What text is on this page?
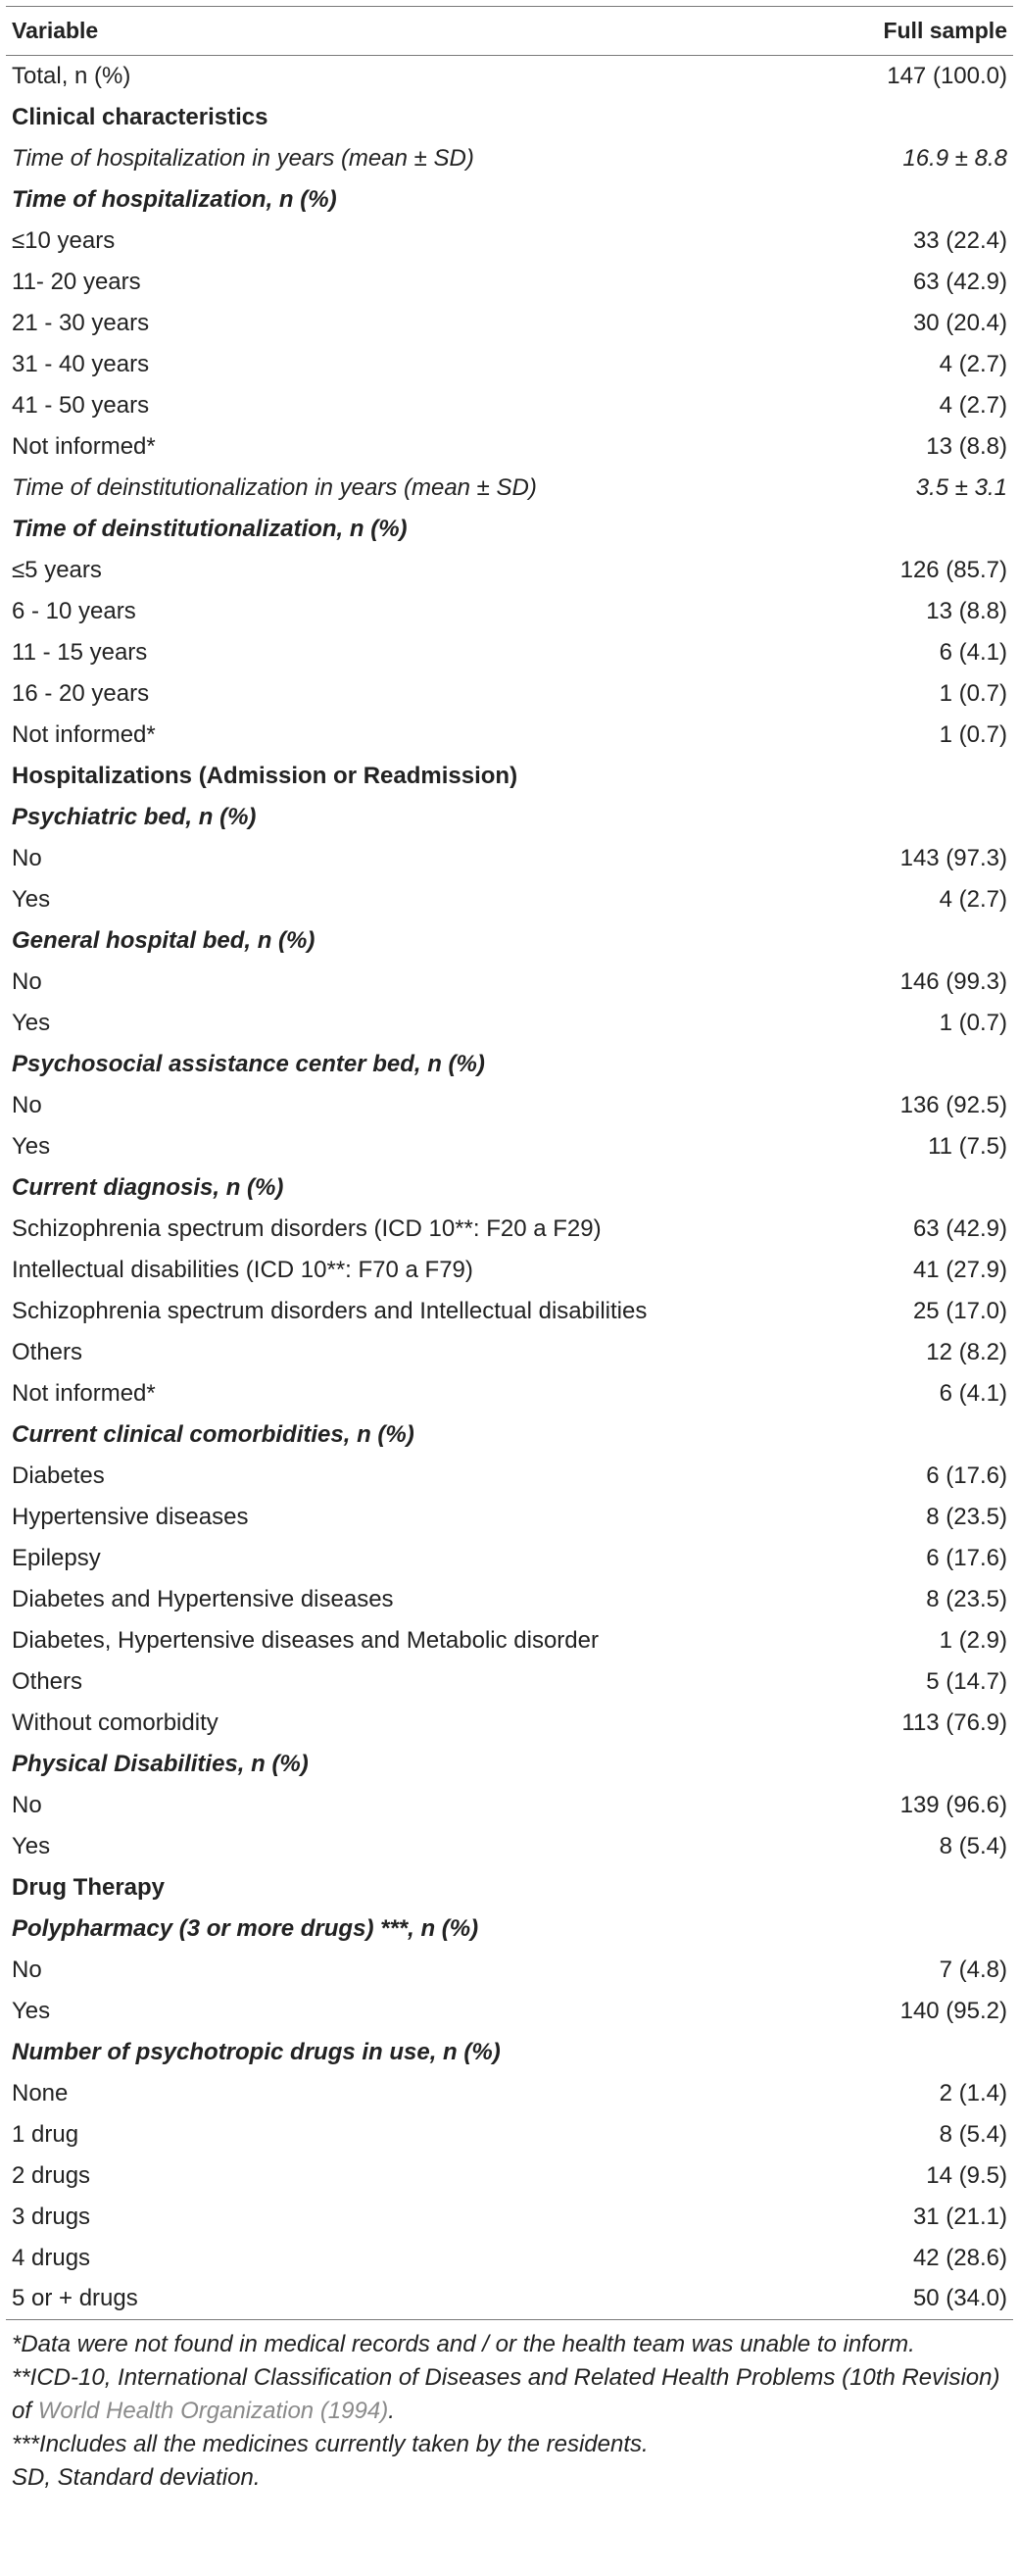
Variable	Full sample
Total, n (%)	147 (100.0)
Clinical characteristics	
Time of hospitalization in years (mean ± SD)	16.9 ± 8.8
Time of hospitalization, n (%)	
≤10 years	33 (22.4)
11- 20 years	63 (42.9)
21 - 30 years	30 (20.4)
31 - 40 years	4 (2.7)
41 - 50 years	4 (2.7)
Not informed*	13 (8.8)
Time of deinstitutionalization in years (mean ± SD)	3.5 ± 3.1
Time of deinstitutionalization, n (%)	
≤5 years	126 (85.7)
6 - 10 years	13 (8.8)
11 - 15 years	6 (4.1)
16 - 20 years	1 (0.7)
Not informed*	1 (0.7)
Hospitalizations (Admission or Readmission)	
Psychiatric bed, n (%)	
No	143 (97.3)
Yes	4 (2.7)
General hospital bed, n (%)	
No	146 (99.3)
Yes	1 (0.7)
Psychosocial assistance center bed, n (%)	
No	136 (92.5)
Yes	11 (7.5)
Current diagnosis, n (%)	
Schizophrenia spectrum disorders (ICD 10**: F20 a F29)	63 (42.9)
Intellectual disabilities (ICD 10**: F70 a F79)	41 (27.9)
Schizophrenia spectrum disorders and Intellectual disabilities	25 (17.0)
Others	12 (8.2)
Not informed*	6 (4.1)
Current clinical comorbidities, n (%)	
Diabetes	6 (17.6)
Hypertensive diseases	8 (23.5)
Epilepsy	6 (17.6)
Diabetes and Hypertensive diseases	8 (23.5)
Diabetes, Hypertensive diseases and Metabolic disorder	1 (2.9)
Others	5 (14.7)
Without comorbidity	113 (76.9)
Physical Disabilities, n (%)	
No	139 (96.6)
Yes	8 (5.4)
Drug Therapy	
Polypharmacy (3 or more drugs) ***, n (%)	
No	7 (4.8)
Yes	140 (95.2)
Number of psychotropic drugs in use, n (%)	
None	2 (1.4)
1 drug	8 (5.4)
2 drugs	14 (9.5)
3 drugs	31 (21.1)
4 drugs	42 (28.6)
5 or + drugs	50 (34.0)

*Data were not found in medical records and / or the health team was unable to inform.

**ICD-10, International Classification of Diseases and Related Health Problems (10th Revision) of World Health Organization (1994).

***Includes all the medicines currently taken by the residents.

SD, Standard deviation.
